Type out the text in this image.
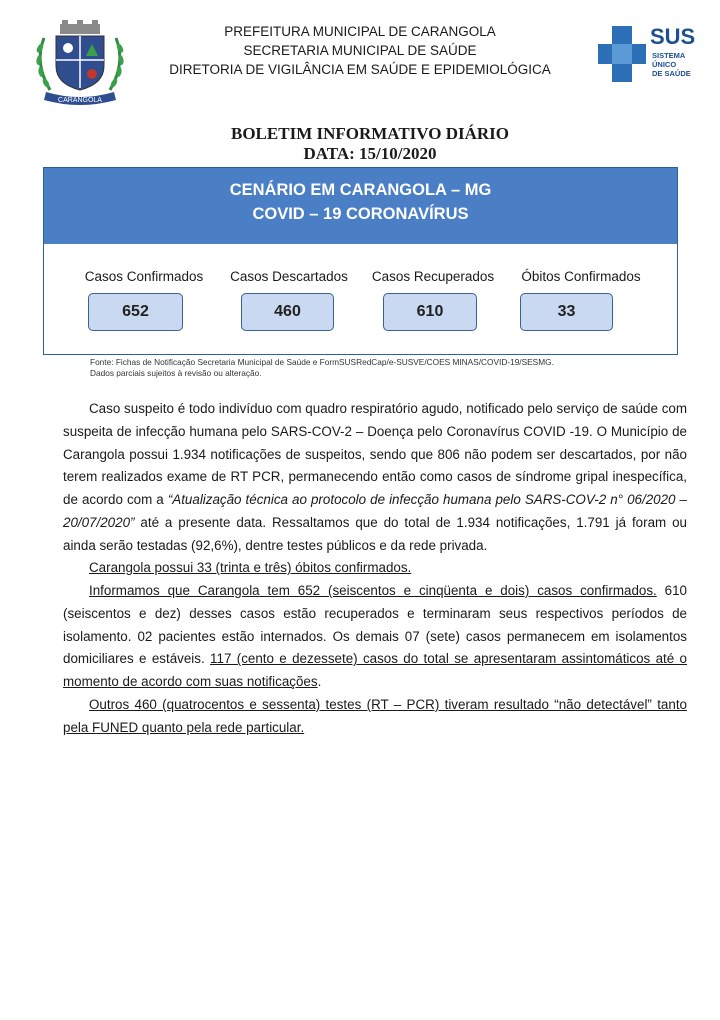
CARANGOLA
SUS
SISTEMA
ÚNICO
DE SAÚDE
PREFEITURA MUNICIPAL DE CARANGOLA
SECRETARIA MUNICIPAL DE SAÚDE
DIRETORIA DE VIGILÂNCIA EM SAÚDE E EPIDEMIOLÓGICA
BOLETIM INFORMATIVO DIÁRIO
DATA: 15/10/2020
CENÁRIO EM CARANGOLA – MG
COVID – 19 CORONAVÍRUS
Casos Confirmados
652
Casos Descartados
460
Casos Recuperados
610
Óbitos Confirmados
33
Fonte: Fichas de Notificação Secretaria Municipal de Saúde e FormSUSRedCap/e-SUSVE/COES MINAS/COVID-19/SESMG.
Dados parciais sujeitos à revisão ou alteração.
Caso suspeito é todo indivíduo com quadro respiratório agudo, notificado pelo serviço de saúde com suspeita de infecção humana pelo SARS-COV-2 – Doença pelo Coronavírus COVID -19. O Município de Carangola possui 1.934 notificações de suspeitos, sendo que 806 não podem ser descartados, por não terem realizados exame de RT PCR, permanecendo então como casos de síndrome gripal inespecífica, de acordo com a “Atualização técnica ao protocolo de infecção humana pelo SARS-COV-2 n° 06/2020 – 20/07/2020” até a presente data. Ressaltamos que do total de 1.934 notificações, 1.791 já foram ou ainda serão testadas (92,6%), dentre testes públicos e da rede privada.
Carangola possui 33 (trinta e três) óbitos confirmados.
Informamos que Carangola tem 652 (seiscentos e cinqüenta e dois) casos confirmados. 610 (seiscentos e dez) desses casos estão recuperados e terminaram seus respectivos períodos de isolamento. 02 pacientes estão internados. Os demais 07 (sete) casos permanecem em isolamentos domiciliares e estáveis. 117 (cento e dezessete) casos do total se apresentaram assintomáticos até o momento de acordo com suas notificações.
Outros 460 (quatrocentos e sessenta) testes (RT – PCR) tiveram resultado “não detectável” tanto pela FUNED quanto pela rede particular.
